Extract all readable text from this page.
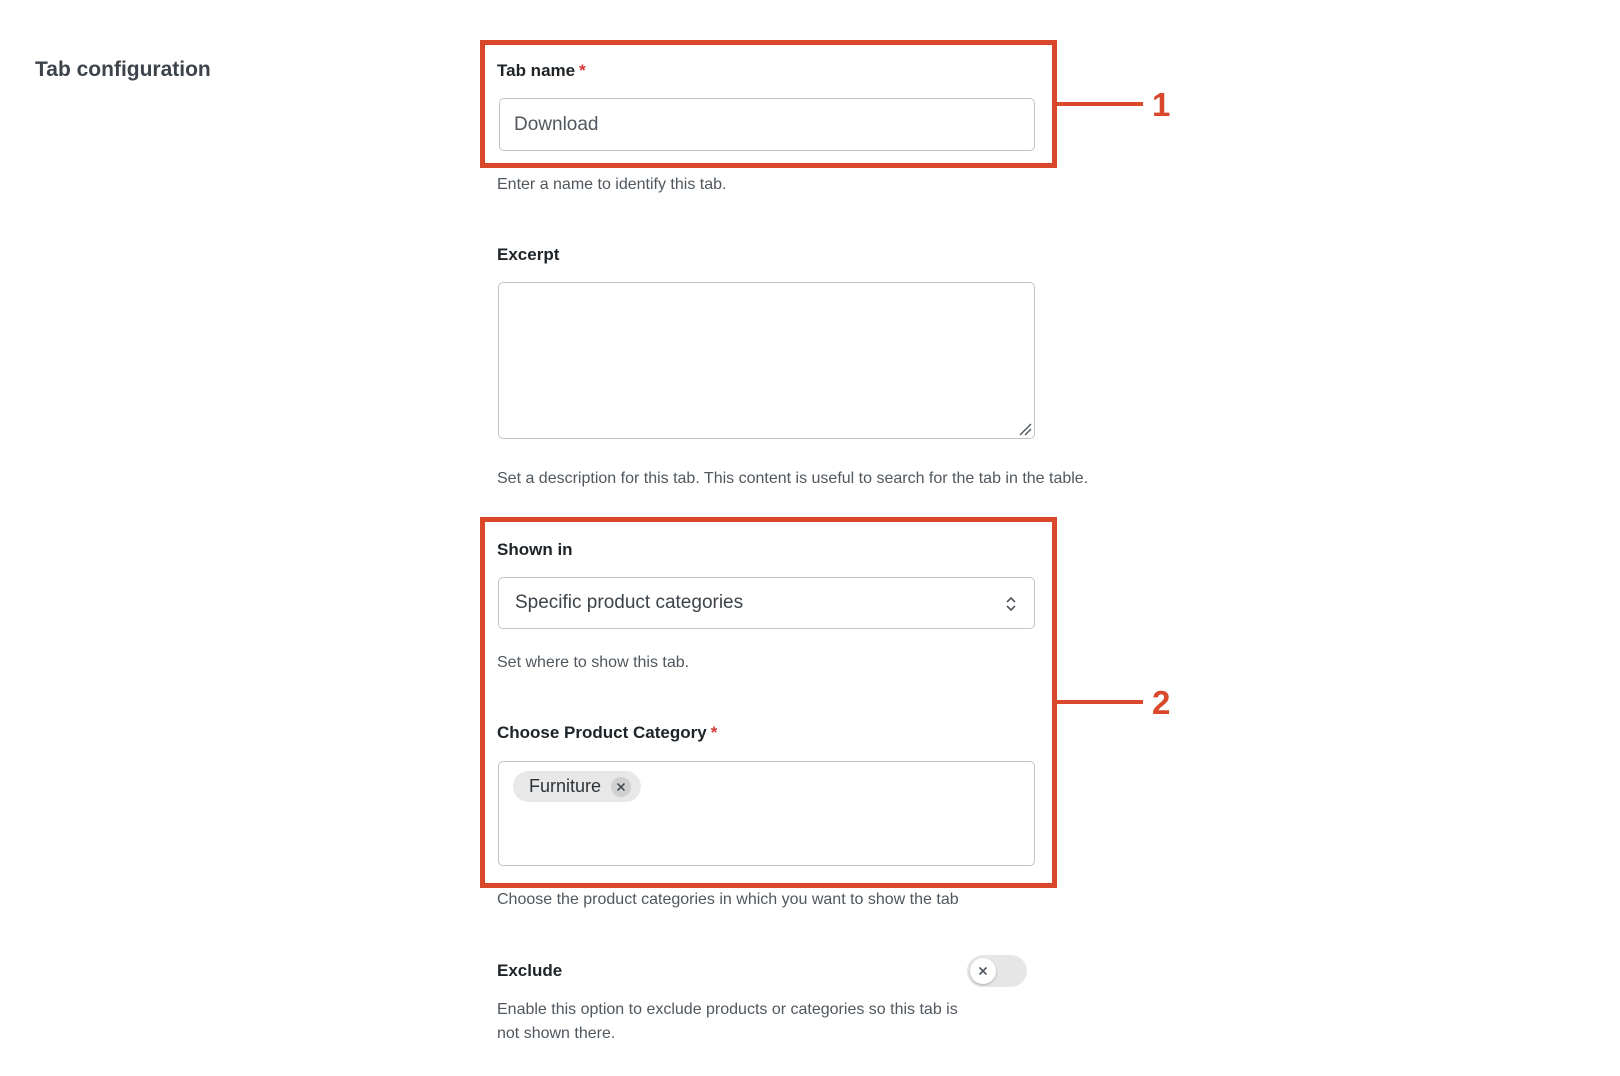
Tab configuration	Tab name *
Download
Enter a name to identify this tab.
Excerpt
Set a description for this tab. This content is useful to search for the tab in the table.
Shown in
Specific product categories
Set where to show this tab.
Choose Product Category *
Furniture
Choose the product categories in which you want to show the tab
Exclude
Enable this option to exclude products or categories so this tab is
not shown there.
1
2
